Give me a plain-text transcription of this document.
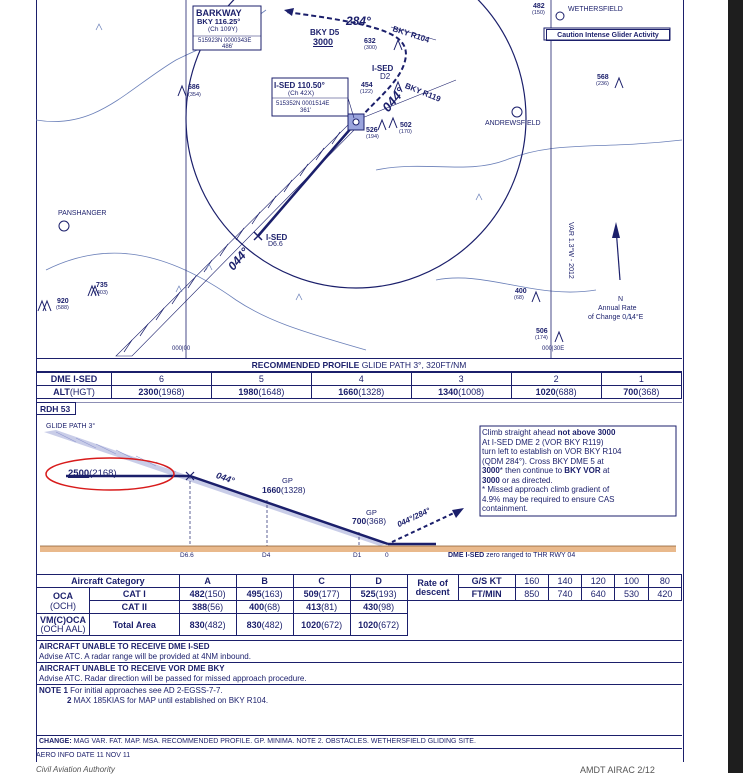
BARKWAY
BKY 116.25°
(Ch 109Y)
515923N 0000343E
486'
I-SED 110.50°
(Ch 42X)
515352N 0001514E
361'
284°
BKY D5
3000	BKY R104
I-SED
D2
BKY R119
044°
044°
I-SED
D6.6
WETHERSFIELD
Caution Intense Glider Activity
ANDREWSFIELD
PANSHANGER
482
(150)
568
(236)
686
(354)
632
(300)
454
(122)
502
(170)
526
(194)
735
(403)
920
(588)
400
(68)
506
(174)
VAR 1.3°W - 2012
N
Annual Rate
of Change 0.14°E
000|00	000|30E
RECOMMENDED PROFILE GLIDE PATH 3°, 320FT/NM
DME I-SED	6	5	4	3	2	1
ALT(HGT)	2300(1968)	1980(1648)	1660(1328)	1340(1008)	1020(688)	700(368)
RDH 53
GLIDE PATH 3°
2500(2168)	044°	GP
1660(1328)
GP
700(368) 044°/284°
D6.6	D4	D1	0	DME I-SED zero ranged to THR RWY 04
Climb straight ahead not above 3000
At I-SED DME 2 (VOR BKY R119)
turn left to establish on VOR BKY R104
(QDM 284°). Cross BKY DME 5 at
3000* then continue to BKY VOR at
3000 or as directed.
* Missed approach climb gradient of
4.9% may be required to ensure CAS
containment.
Aircraft Category		A	B	C	D	Rate of
descent	G/S KT	160	140	120	100	80
OCA
(OCH)	CAT I	482(150)	495(163)	509(177)	525(193)		FT/MIN	850	740	640	530	420
	CAT II	388(56)	400(68)	413(81)	430(98)							
VM(C)OCA
(OCH AAL)	Total Area	830(482)	830(482)	1020(672)	1020(672)							
AIRCRAFT UNABLE TO RECEIVE DME I-SED
Advise ATC. A radar range will be provided at 4NM inbound.
AIRCRAFT UNABLE TO RECEIVE VOR DME BKY
Advise ATC. Radar direction will be passed for missed approach procedure.
NOTE 1 For initial approaches see AD 2-EGSS-7-7.
2 MAX 185KIAS for MAP until established on BKY R104.
CHANGE: MAG VAR. FAT. MAP. MSA. RECOMMENDED PROFILE. GP. MINIMA. NOTE 2. OBSTACLES. WETHERSFIELD GLIDING SITE.
AERO INFO DATE 11 NOV 11
Civil Aviation Authority	AMDT AIRAC 2/12
